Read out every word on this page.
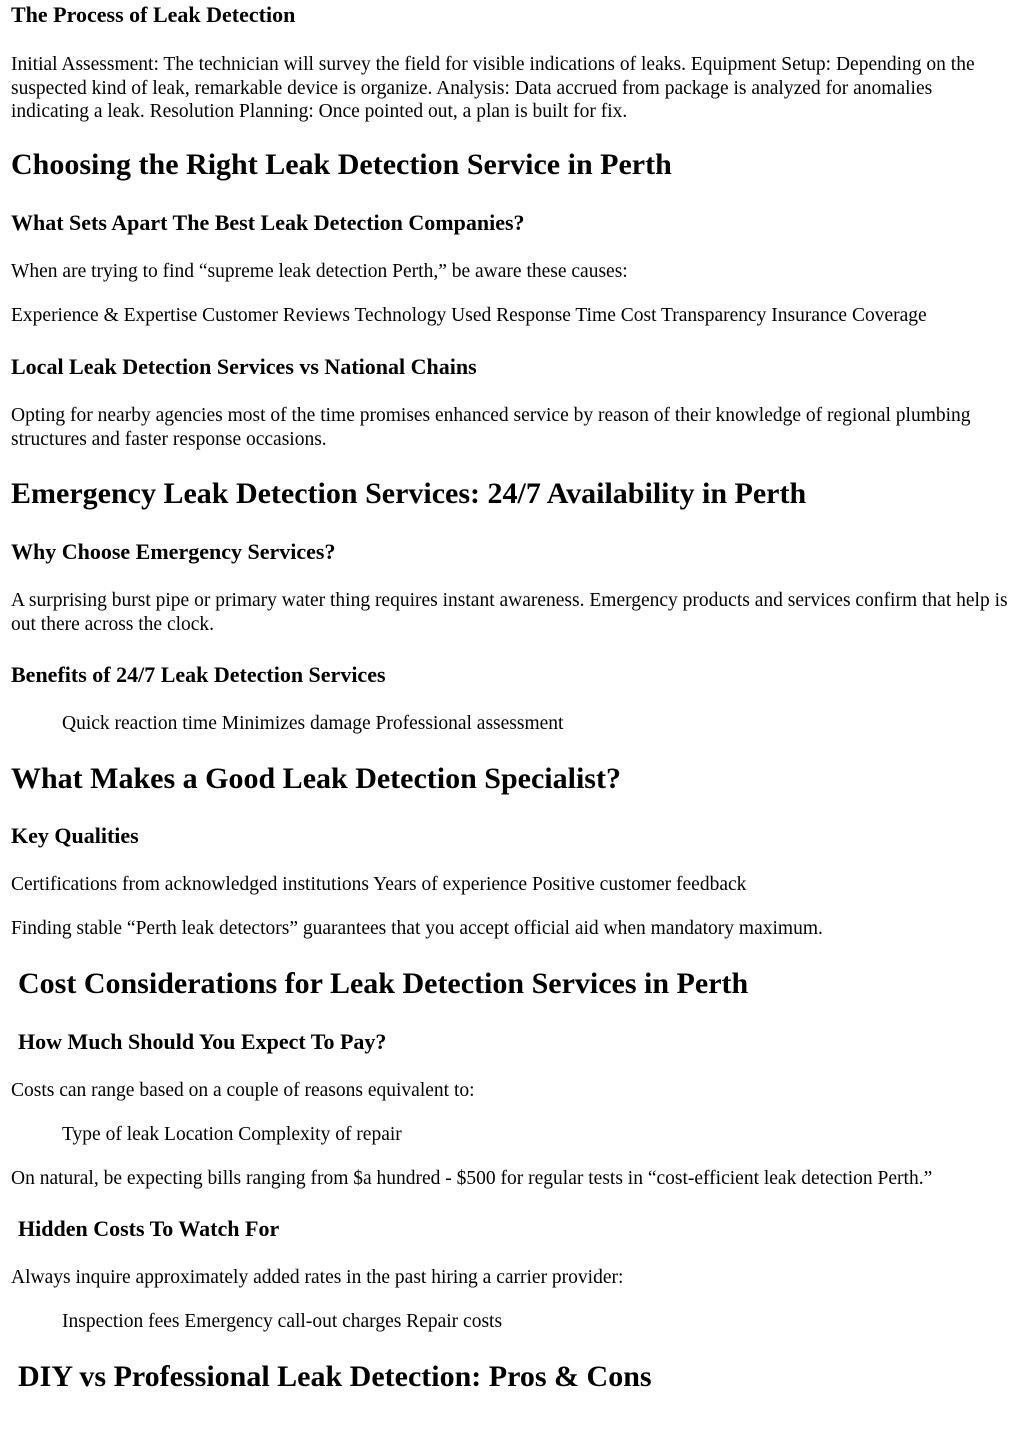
The Process of Leak Detection
Initial Assessment: The technician will survey the field for visible indications of leaks. Equipment Setup: Depending on the suspected kind of leak, remarkable device is organize. Analysis: Data accrued from package is analyzed for anomalies indicating a leak. Resolution Planning: Once pointed out, a plan is built for fix.
Choosing the Right Leak Detection Service in Perth
What Sets Apart The Best Leak Detection Companies?
When are trying to find “supreme leak detection Perth,” be aware these causes:
Experience & Expertise Customer Reviews Technology Used Response Time Cost Transparency Insurance Coverage
Local Leak Detection Services vs National Chains
Opting for nearby agencies most of the time promises enhanced service by reason of their knowledge of regional plumbing structures and faster response occasions.
Emergency Leak Detection Services: 24/7 Availability in Perth
Why Choose Emergency Services?
A surprising burst pipe or primary water thing requires instant awareness. Emergency products and services confirm that help is out there across the clock.
Benefits of 24/7 Leak Detection Services
Quick reaction time Minimizes damage Professional assessment
What Makes a Good Leak Detection Specialist?
Key Qualities
Certifications from acknowledged institutions Years of experience Positive customer feedback
Finding stable “Perth leak detectors” guarantees that you accept official aid when mandatory maximum.
Cost Considerations for Leak Detection Services in Perth
How Much Should You Expect To Pay?
Costs can range based on a couple of reasons equivalent to:
Type of leak Location Complexity of repair
On natural, be expecting bills ranging from $a hundred - $500 for regular tests in “cost-efficient leak detection Perth.”
Hidden Costs To Watch For
Always inquire approximately added rates in the past hiring a carrier provider:
Inspection fees Emergency call-out charges Repair costs
DIY vs Professional Leak Detection: Pros & Cons
